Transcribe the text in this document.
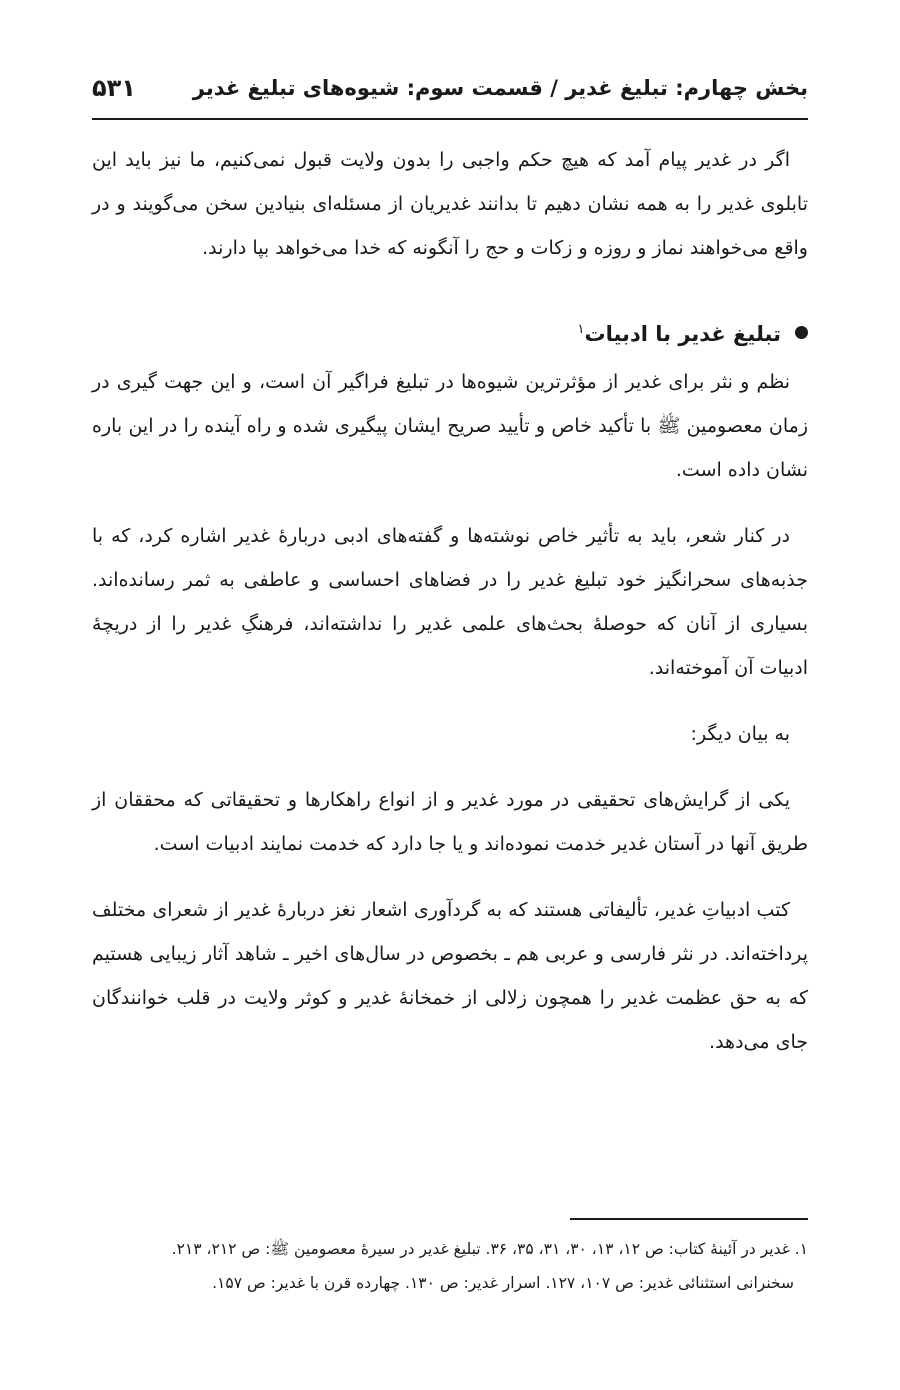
بخش چهارم: تبلیغ غدیر / قسمت سوم: شیوه‌های تبلیغ غدیر
۵۳۱

اگر در غدیر پیام آمد که هیچ حکم واجبی را بدون ولایت قبول نمی‌کنیم، ما نیز باید این تابلوی غدیر را به همه نشان دهیم تا بدانند غدیریان از مسئله‌ای بنیادین سخن می‌گویند و در واقع می‌خواهند نماز و روزه و زکات و حج را آنگونه که خدا می‌خواهد بپا دارند.

تبلیغ غدیر با ادبیات$^۱$

نظم و نثر برای غدیر از مؤثرترین شیوه‌ها در تبلیغ فراگیر آن است، و این جهت گیری در زمان معصومین ﷺ با تأکید خاص و تأیید صریح ایشان پیگیری شده و راه آینده را در این باره نشان داده است.

در کنار شعر، باید به تأثیر خاص نوشته‌ها و گفته‌های ادبی دربارهٔ غدیر اشاره کرد، که با جذبه‌های سحرانگیز خود تبلیغ غدیر را در فضاهای احساسی و عاطفی به ثمر رسانده‌اند. بسیاری از آنان که حوصلهٔ بحث‌های علمی غدیر را نداشته‌اند، فرهنگِ غدیر را از دریچهٔ ادبیات آن آموخته‌اند.

به بیان دیگر:

یکی از گرایش‌های تحقیقی در مورد غدیر و از انواع راهکارها و تحقیقاتی که محققان از طریق آنها در آستان غدیر خدمت نموده‌اند و یا جا دارد که خدمت نمایند ادبیات است.

کتب ادبیاتِ غدیر، تألیفاتی هستند که به گردآوری اشعار نغز دربارهٔ غدیر از شعرای مختلف پرداخته‌اند. در نثر فارسی و عربی هم ـ بخصوص در سال‌های اخیر ـ شاهد آثار زیبایی هستیم که به حق عظمت غدیر را همچون زلالی از خمخانهٔ غدیر و کوثر ولایت در قلب خوانندگان جای می‌دهد.

۱. غدیر در آئینهٔ کتاب: ص ۱۲، ۱۳، ۳۰، ۳۱، ۳۵، ۳۶. تبلیغ غدیر در سیرهٔ معصومین ﷺ: ص ۲۱۲، ۲۱۳.

سخنرانی استثنائی غدیر: ص ۱۰۷، ۱۲۷. اسرار غدیر: ص ۱۳۰. چهارده قرن با غدیر: ص ۱۵۷.
